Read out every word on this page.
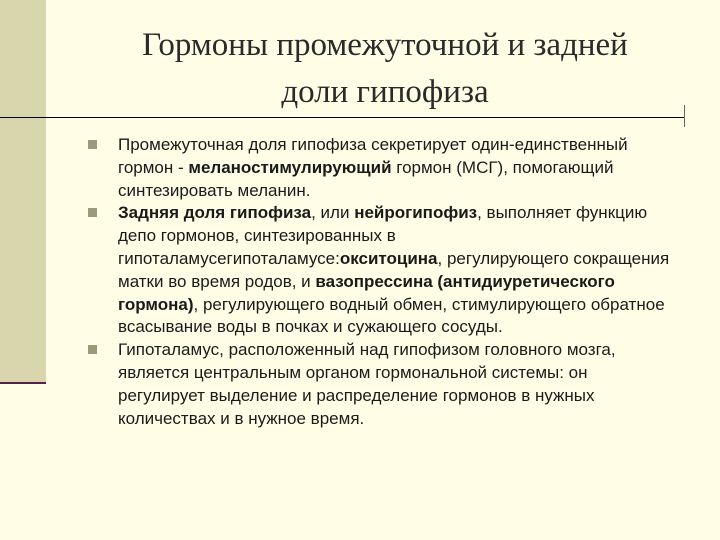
Гормоны промежуточной и задней
доли гипофиза
Промежуточная доля гипофиза секретирует один-единственный гормон - меланостимулирующий гормон (МСГ), помогающий синтезировать меланин.
Задняя доля гипофиза, или нейрогипофиз, выполняет функцию депо гормонов, синтезированных в гипоталамусегипоталамусе:окситоцина, регулирующего сокращения матки во время родов, и вазопрессина (антидиуретического гормона), регулирующего водный обмен, стимулирующего обратное всасывание воды в почках и сужающего сосуды.
Гипоталамус, расположенный над гипофизом головного мозга, является центральным органом гормональной системы: он регулирует выделение и распределение гормонов в нужных количествах и в нужное время.
